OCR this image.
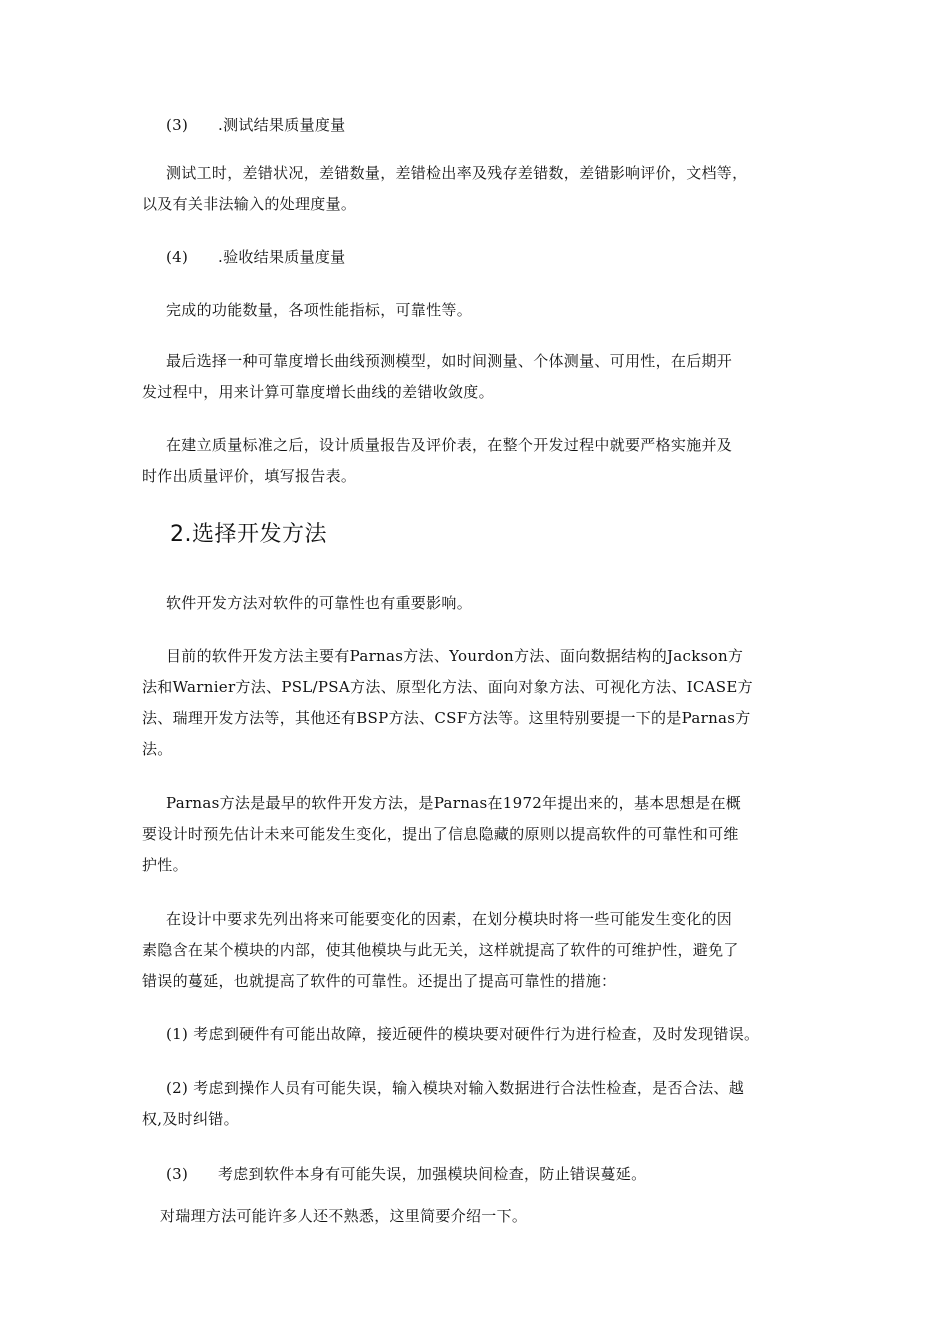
(3) .测试结果质量度量
测试工时，差错状况，差错数量，差错检出率及残存差错数，差错影响评价，文档等，
以及有关非法输入的处理度量。
(4) .验收结果质量度量
完成的功能数量，各项性能指标，可靠性等。
最后选择一种可靠度增长曲线预测模型，如时间测量、个体测量、可用性，在后期开
发过程中，用来计算可靠度增长曲线的差错收敛度。
在建立质量标准之后，设计质量报告及评价表，在整个开发过程中就要严格实施并及
时作出质量评价，填写报告表。
2.选择开发方法
软件开发方法对软件的可靠性也有重要影响。
目前的软件开发方法主要有Parnas方法、Yourdon方法、面向数据结构的Jackson方
法和Warnier方法、PSL/PSA方法、原型化方法、面向对象方法、可视化方法、ICASE方
法、瑞理开发方法等，其他还有BSP方法、CSF方法等。这里特别要提一下的是Parnas方
法。
Parnas方法是最早的软件开发方法，是Parnas在1972年提出来的，基本思想是在概
要设计时预先估计未来可能发生变化，提出了信息隐藏的原则以提高软件的可靠性和可维
护性。
在设计中要求先列出将来可能要变化的因素，在划分模块时将一些可能发生变化的因
素隐含在某个模块的内部，使其他模块与此无关，这样就提高了软件的可维护性，避免了
错误的蔓延，也就提高了软件的可靠性。还提出了提高可靠性的措施：
(1) 考虑到硬件有可能出故障，接近硬件的模块要对硬件行为进行检查，及时发现错误。
(2) 考虑到操作人员有可能失误，输入模块对输入数据进行合法性检查，是否合法、越
权,及时纠错。
(3) 考虑到软件本身有可能失误，加强模块间检查，防止错误蔓延。
对瑞理方法可能许多人还不熟悉，这里简要介绍一下。
